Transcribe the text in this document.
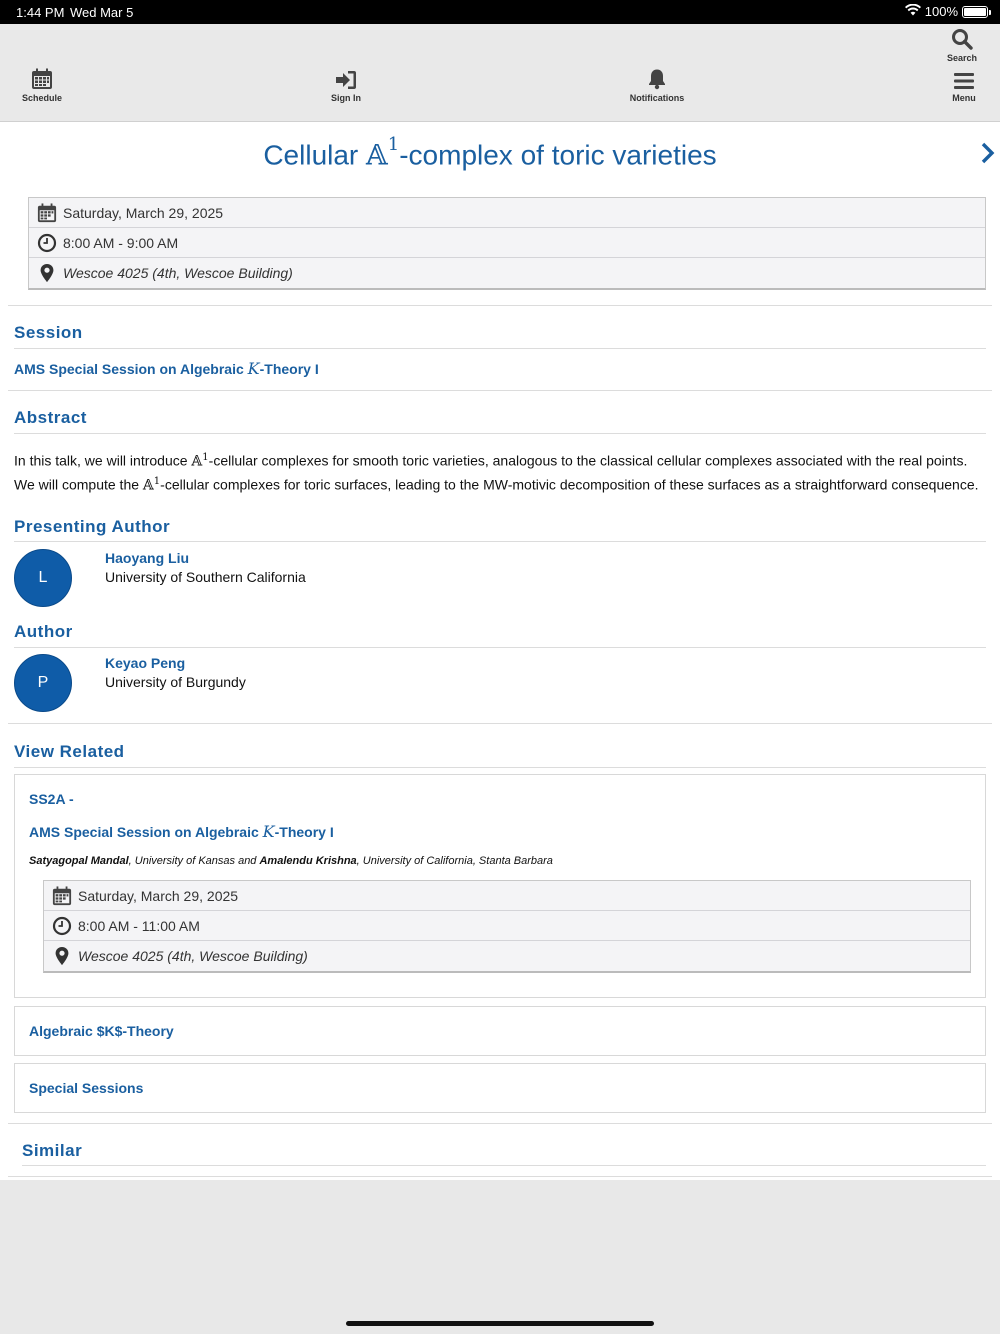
1:44 PM Wed Mar 5	100%
Schedule	Sign In	Notifications
Search
Menu
Cellular 𝔸$^1$-complex of toric varieties
Saturday, March 29, 2025
8:00 AM - 9:00 AM
Wescoe 4025 (4th, Wescoe Building)
Session
AMS Special Session on Algebraic K-Theory I
Abstract
In this talk, we will introduce 𝔸$^1$-cellular complexes for smooth toric varieties, analogous to the classical cellular complexes associated with the real points. We will compute the 𝔸$^1$-cellular complexes for toric surfaces, leading to the MW-motivic decomposition of these surfaces as a straightforward consequence.
Presenting Author
L
Haoyang Liu
University of Southern California
Author
P
Keyao Peng
University of Burgundy
View Related
SS2A -
AMS Special Session on Algebraic K-Theory I
Satyagopal Mandal, University of Kansas and Amalendu Krishna, University of California, Stanta Barbara
Saturday, March 29, 2025
8:00 AM - 11:00 AM
Wescoe 4025 (4th, Wescoe Building)
Algebraic $K$-Theory
Special Sessions
Similar
